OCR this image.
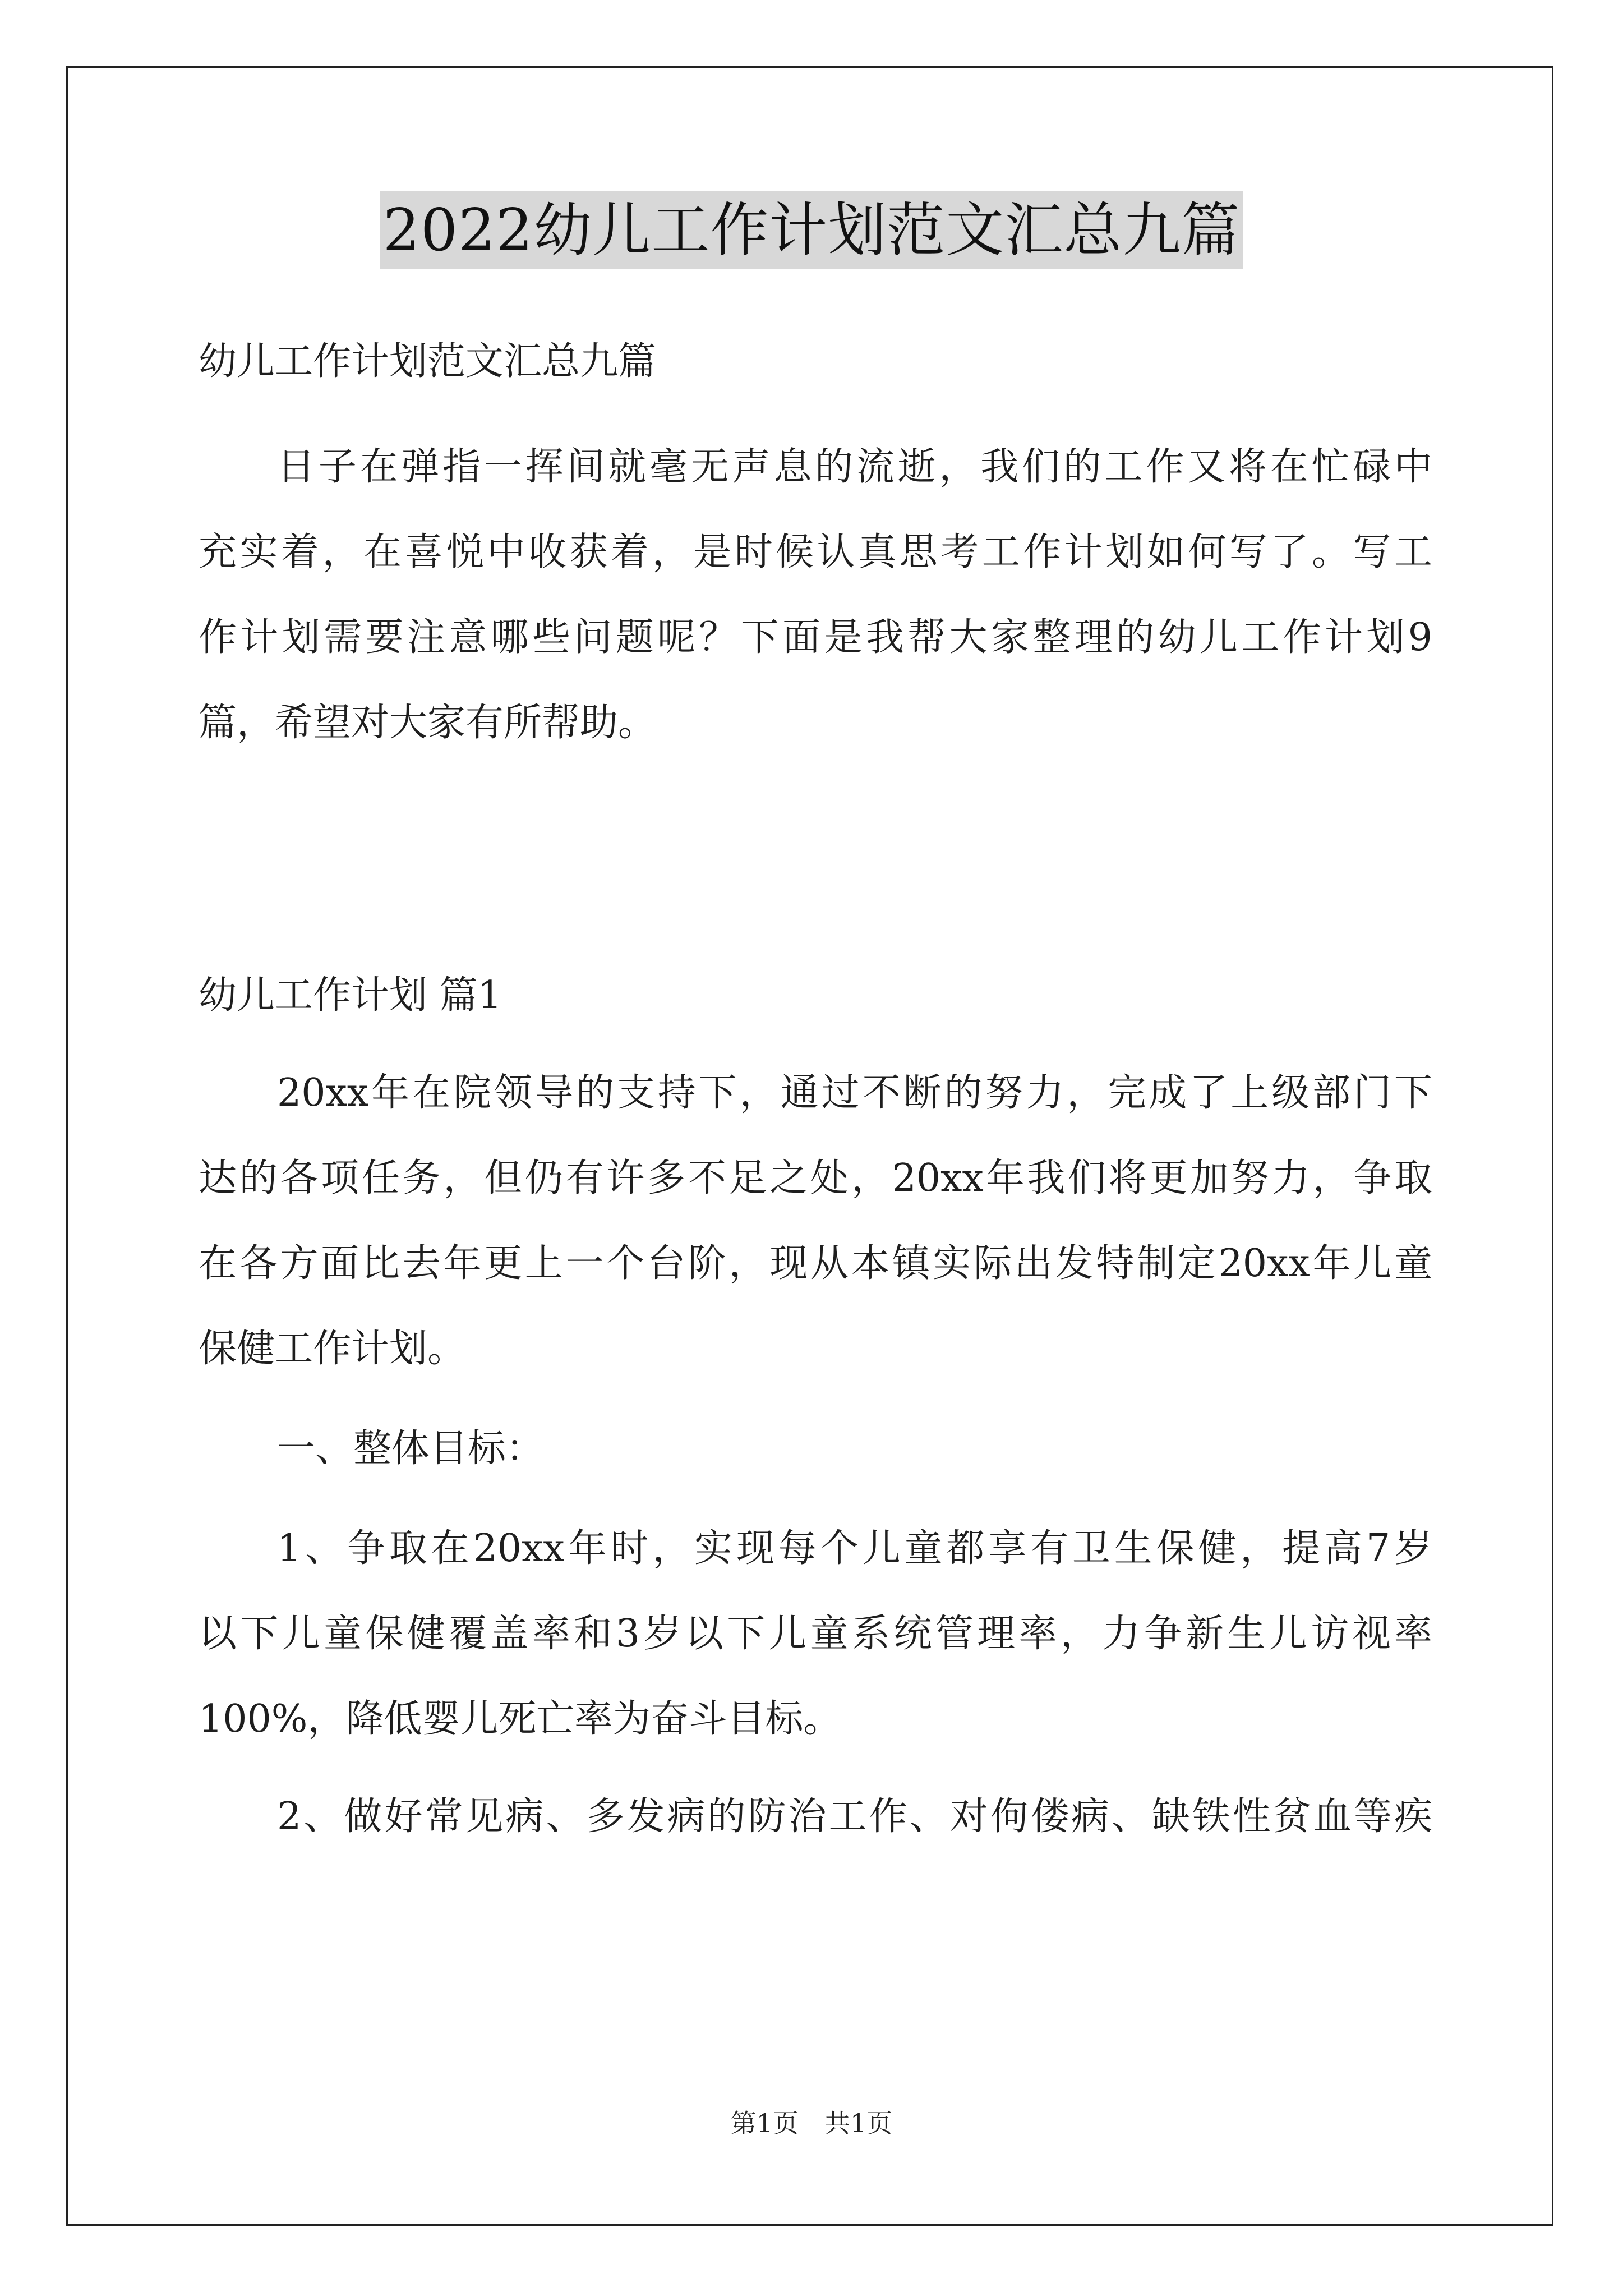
2022幼儿工作计划范文汇总九篇
幼儿工作计划范文汇总九篇
日子在弹指一挥间就毫无声息的流逝，我们的工作又将在忙碌中
充实着，在喜悦中收获着，是时候认真思考工作计划如何写了。写工
作计划需要注意哪些问题呢？下面是我帮大家整理的幼儿工作计划9
篇，希望对大家有所帮助。
幼儿工作计划 篇1
20xx年在院领导的支持下，通过不断的努力，完成了上级部门下
达的各项任务，但仍有许多不足之处，20xx年我们将更加努力，争取
在各方面比去年更上一个台阶，现从本镇实际出发特制定20xx年儿童
保健工作计划。
一、整体目标：
1、争取在20xx年时，实现每个儿童都享有卫生保健，提高7岁
以下儿童保健覆盖率和3岁以下儿童系统管理率，力争新生儿访视率
100%，降低婴儿死亡率为奋斗目标。
2、做好常见病、多发病的防治工作、对佝偻病、缺铁性贫血等疾
第1页 共1页
